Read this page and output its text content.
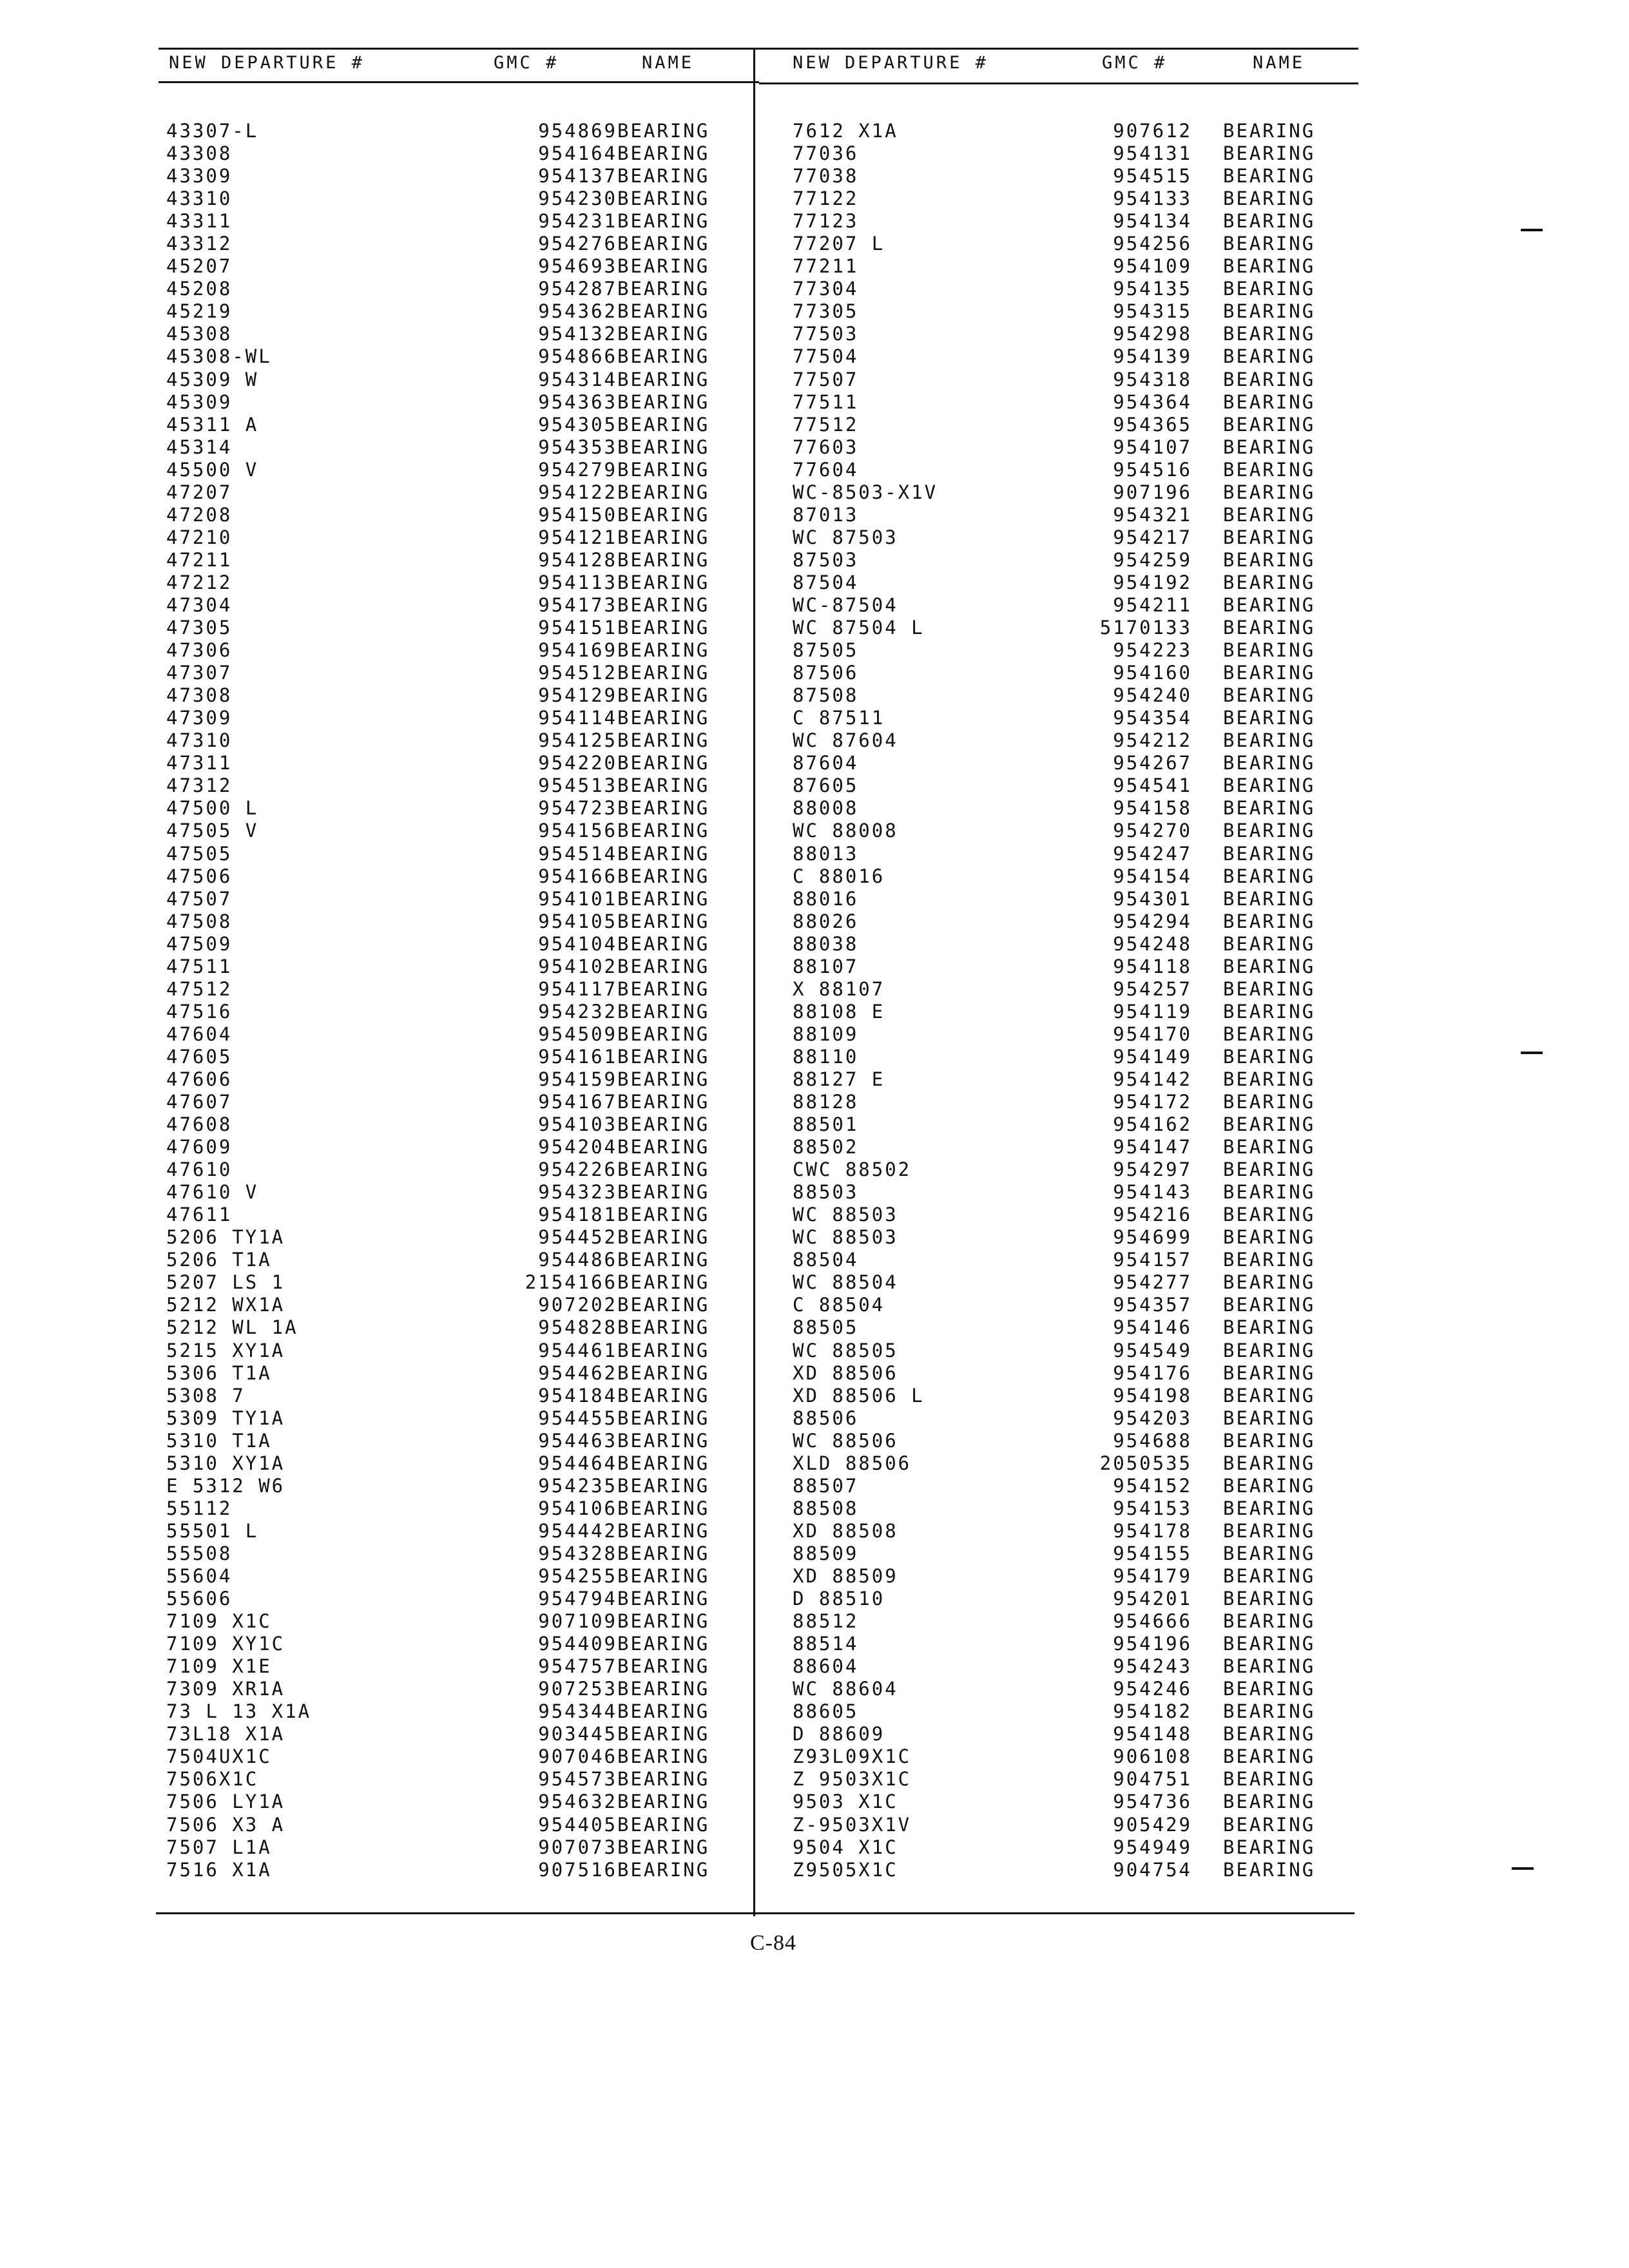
NEW DEPARTURE #	GMC #	NAME	NEW DEPARTURE #	GMC #	NAME
43307-L	954869 BEARING
43308	954164 BEARING
43309	954137 BEARING
43310	954230 BEARING
43311	954231 BEARING
43312	954276 BEARING
45207	954693 BEARING
45208	954287 BEARING
45219	954362 BEARING
45308	954132 BEARING
45308-WL	954866 BEARING
45309 W	954314 BEARING
45309	954363 BEARING
45311 A	954305 BEARING
45314	954353 BEARING
45500 V	954279 BEARING
47207	954122 BEARING
47208	954150 BEARING
47210	954121 BEARING
47211	954128 BEARING
47212	954113 BEARING
47304	954173 BEARING
47305	954151 BEARING
47306	954169 BEARING
47307	954512 BEARING
47308	954129 BEARING
47309	954114 BEARING
47310	954125 BEARING
47311	954220 BEARING
47312	954513 BEARING
47500 L	954723 BEARING
47505 V	954156 BEARING
47505	954514 BEARING
47506	954166 BEARING
47507	954101 BEARING
47508	954105 BEARING
47509	954104 BEARING
47511	954102 BEARING
47512	954117 BEARING
47516	954232 BEARING
47604	954509 BEARING
47605	954161 BEARING
47606	954159 BEARING
47607	954167 BEARING
47608	954103 BEARING
47609	954204 BEARING
47610	954226 BEARING
47610 V	954323 BEARING
47611	954181 BEARING
5206 TY1A	954452 BEARING
5206 T1A	954486 BEARING
5207 LS 1	2154166 BEARING
5212 WX1A	907202 BEARING
5212 WL 1A	954828 BEARING
5215 XY1A	954461 BEARING
5306 T1A	954462 BEARING
5308 7	954184 BEARING
5309 TY1A	954455 BEARING
5310 T1A	954463 BEARING
5310 XY1A	954464 BEARING
E 5312 W6	954235 BEARING
55112	954106 BEARING
55501 L	954442 BEARING
55508	954328 BEARING
55604	954255 BEARING
55606	954794 BEARING
7109 X1C	907109 BEARING
7109 XY1C	954409 BEARING
7109 X1E	954757 BEARING
7309 XR1A	907253 BEARING
73 L 13 X1A	954344 BEARING
73L18 X1A	903445 BEARING
7504UX1C	907046 BEARING
7506X1C	954573 BEARING
7506 LY1A	954632 BEARING
7506 X3 A	954405 BEARING
7507 L1A	907073 BEARING
7516 X1A	907516 BEARING
7612 X1A	907612 BEARING
77036	954131 BEARING
77038	954515 BEARING
77122	954133 BEARING
77123	954134 BEARING
77207 L	954256 BEARING
77211	954109 BEARING
77304	954135 BEARING
77305	954315 BEARING
77503	954298 BEARING
77504	954139 BEARING
77507	954318 BEARING
77511	954364 BEARING
77512	954365 BEARING
77603	954107 BEARING
77604	954516 BEARING
WC-8503-X1V	907196 BEARING
87013	954321 BEARING
WC 87503	954217 BEARING
87503	954259 BEARING
87504	954192 BEARING
WC-87504	954211 BEARING
WC 87504 L	5170133 BEARING
87505	954223 BEARING
87506	954160 BEARING
87508	954240 BEARING
C 87511	954354 BEARING
WC 87604	954212 BEARING
87604	954267 BEARING
87605	954541 BEARING
88008	954158 BEARING
WC 88008	954270 BEARING
88013	954247 BEARING
C 88016	954154 BEARING
88016	954301 BEARING
88026	954294 BEARING
88038	954248 BEARING
88107	954118 BEARING
X 88107	954257 BEARING
88108 E	954119 BEARING
88109	954170 BEARING
88110	954149 BEARING
88127 E	954142 BEARING
88128	954172 BEARING
88501	954162 BEARING
88502	954147 BEARING
CWC 88502	954297 BEARING
88503	954143 BEARING
WC 88503	954216 BEARING
WC 88503	954699 BEARING
88504	954157 BEARING
WC 88504	954277 BEARING
C 88504	954357 BEARING
88505	954146 BEARING
WC 88505	954549 BEARING
XD 88506	954176 BEARING
XD 88506 L	954198 BEARING
88506	954203 BEARING
WC 88506	954688 BEARING
XLD 88506	2050535 BEARING
88507	954152 BEARING
88508	954153 BEARING
XD 88508	954178 BEARING
88509	954155 BEARING
XD 88509	954179 BEARING
D 88510	954201 BEARING
88512	954666 BEARING
88514	954196 BEARING
88604	954243 BEARING
WC 88604	954246 BEARING
88605	954182 BEARING
D 88609	954148 BEARING
Z93L09X1C	906108 BEARING
Z 9503X1C	904751 BEARING
9503 X1C	954736 BEARING
Z-9503X1V	905429 BEARING
9504 X1C	954949 BEARING
Z9505X1C	904754 BEARING
C-84
